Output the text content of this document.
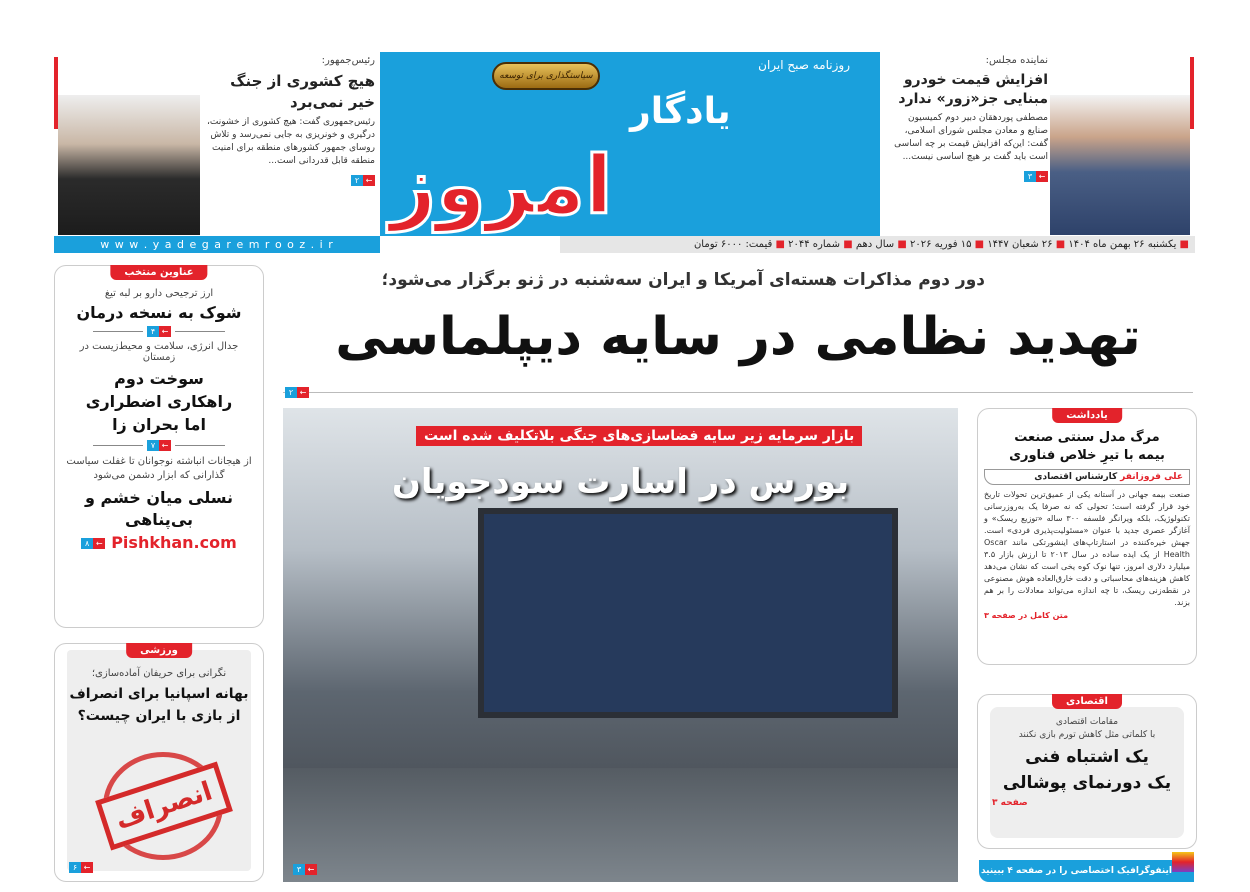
رئیس‌جمهور:
هیچ کشوری از جنگ
خیر نمی‌برد
رئیس‌جمهوری گفت: هیچ کشوری از خشونت، درگیری و خونریزی به جایی نمی‌رسد و تلاش روسای جمهور کشورهای منطقه برای امنیت منطقه قابل قدردانی است...
۲ ←
w w w . y a d e g a r e m r o o z . i r
روزنامه صبح ایران
سیاستگذاری برای توسعه
یادگار
امروز
نماینده مجلس:
افزایش قیمت خودرو
مبنایی جز«زور» ندارد
مصطفی پوردهقان دبیر دوم کمیسیون صنایع و معادن مجلس شورای اسلامی، گفت: این‌که افزایش قیمت بر چه اساسی است باید گفت بر هیچ اساسی نیست...
۳ ←
■ یکشنبه ۲۶ بهمن ماه ۱۴۰۴ ■ ۲۶ شعبان ۱۴۴۷ ■ ۱۵ فوریه ۲۰۲۶ ■ سال دهم ■ شماره ۲۰۴۴ ■ قیمت: ۶۰۰۰ تومان
دور دوم مذاکرات هسته‌ای آمریکا و ایران سه‌شنبه در ژنو برگزار می‌شود؛
تهدید نظامی در سایه دیپلماسی
۲ ←
بازار سرمایه زیر سایه فضاسازی‌های جنگی بلاتکلیف شده است
بورس در اسارت سودجویان
۳ ←
عناوین منتخب
ارز ترجیحی دارو بر لبه تیغ
شوک به نسخه درمان
۴ ←
جدال انرژی، سلامت و محیط‌زیست در زمستان
سوخت دوم راهکاری اضطراری اما بحران زا
۷ ←
از هیجانات انباشته نوجوانان تا غفلت سیاست گذارانی که ابزار دشمن می‌شود
نسلی میان خشم و بی‌پناهی
۸ ← Pishkhan.com
ورزشی
نگرانی برای حریفان آماده‌سازی؛
بهانه اسپانیا برای انصراف از بازی با ایران چیست؟
انصراف
۶ ←
یادداشت
مرگ مدل سنتی صنعت بیمه با تیرِ خلاص فناوری
علی فروزانفر کارشناس اقتصادی
صنعت بیمه جهانی در آستانه یکی از عمیق‌ترین تحولات تاریخ خود قرار گرفته است؛ تحولی که نه صرفا یک به‌روزرسانی تکنولوژیک، بلکه ویرانگر فلسفه ۳۰۰ ساله «توزیع ریسک» و آغازگر عصری جدید با عنوان «مسئولیت‌پذیری فردی» است. جهش خیره‌کننده در استارتاپ‌های اینشورتکی مانند Oscar Health از یک ایده ساده در سال ۲۰۱۳ تا ارزش بازار ۳.۵ میلیارد دلاری امروز، تنها نوک کوه یخی است که نشان می‌دهد کاهش هزینه‌های محاسباتی و دقت خارق‌العاده هوش مصنوعی در نقطه‌زنی ریسک، تا چه اندازه می‌تواند معادلات را بر هم بزند.
متن کامل در صفحه ۳
اقتصادی
مقامات اقتصادی
با کلماتی مثل کاهش تورم بازی نکنند
یک اشتباه فنی
یک دورنمای پوشالی
صفحه ۳
اینفوگرافیک اختصاصی را در صفحه ۴ ببینید
